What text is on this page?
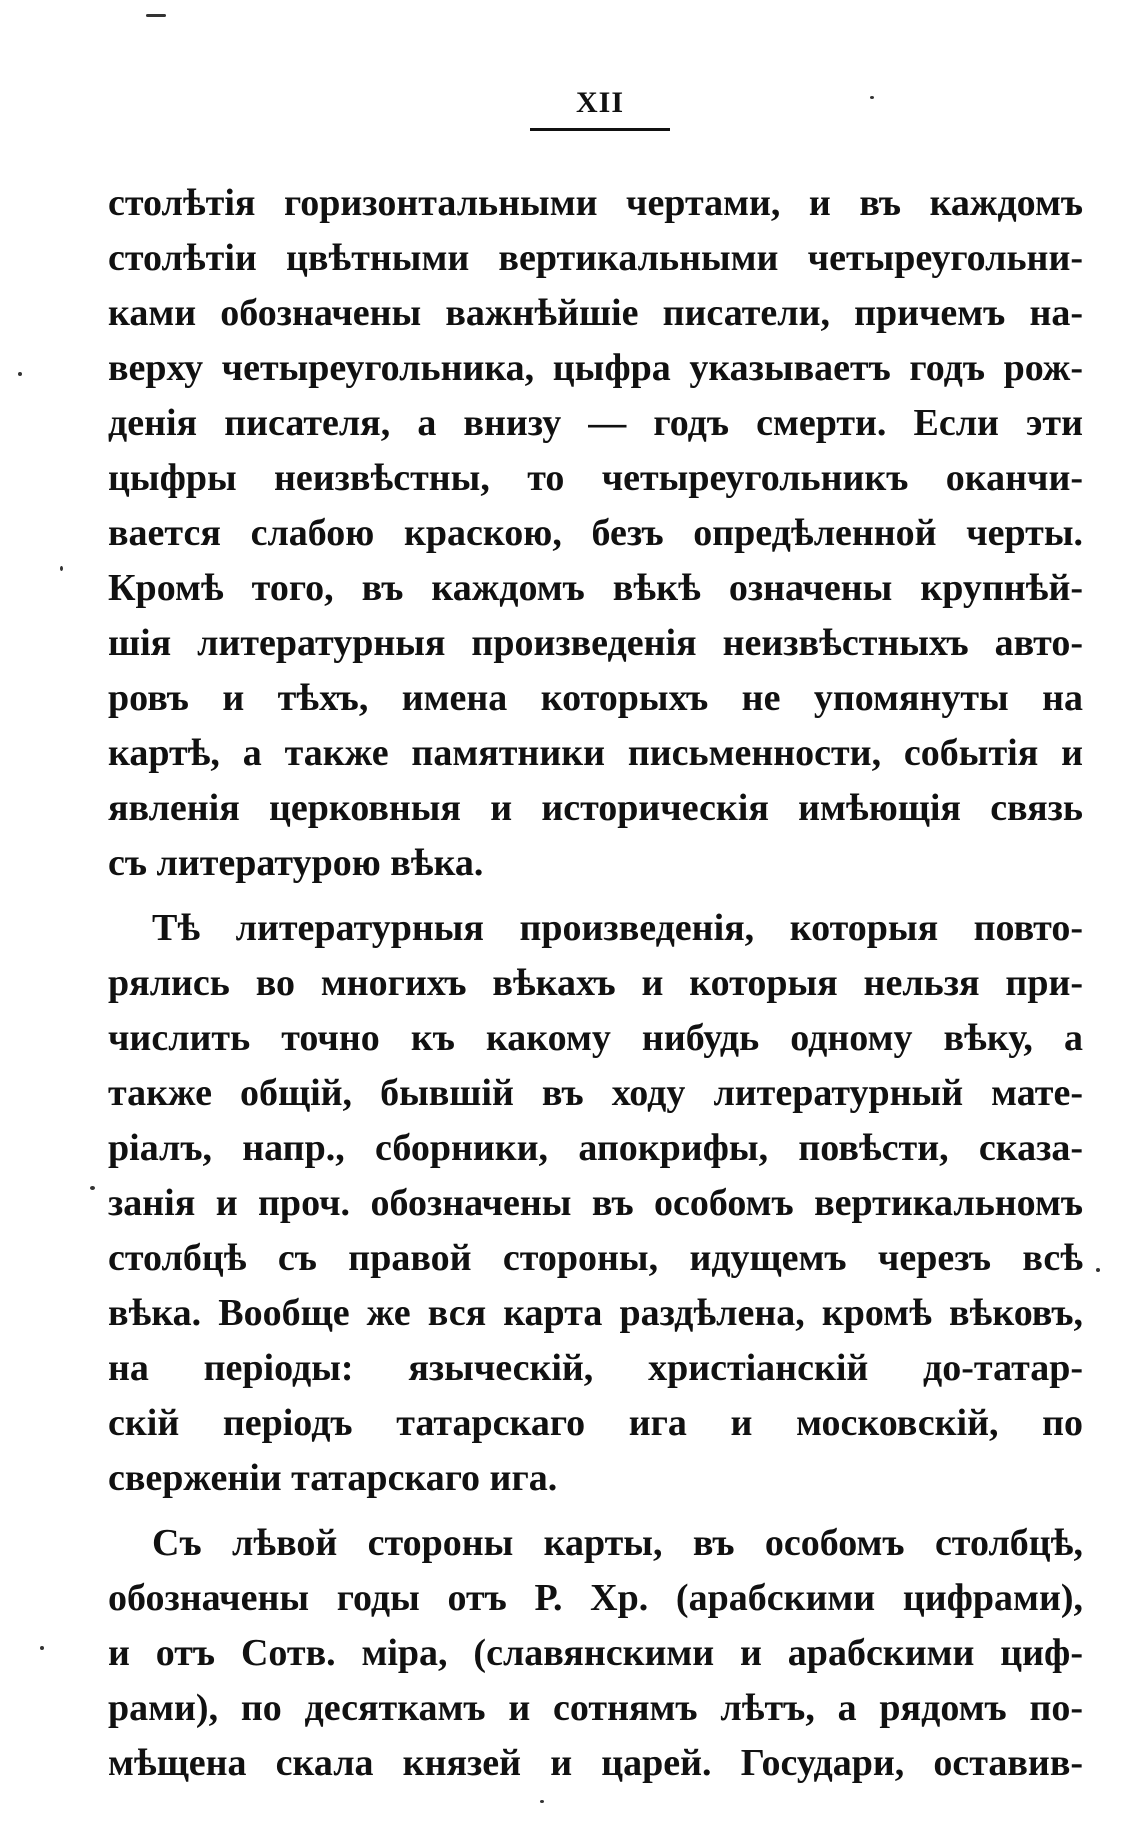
XII
столѣтія горизонтальными чертами, и въ каждомъ
столѣтіи цвѣтными вертикальными четыреугольни-
ками обозначены важнѣйшіе писатели, причемъ на-
верху четыреугольника, цыфра указываетъ годъ рож-
денія писателя, а внизу — годъ смерти. Если эти
цыфры неизвѣстны, то четыреугольникъ оканчи-
вается слабою краскою, безъ опредѣленной черты.
Кромѣ того, въ каждомъ вѣкѣ означены крупнѣй-
шія литературныя произведенія неизвѣстныхъ авто-
ровъ и тѣхъ, имена которыхъ не упомянуты на
картѣ, а также памятники письменности, событія и
явленія церковныя и историческія имѣющія связь
съ литературою вѣка.
Тѣ литературныя произведенія, которыя повто-
рялись во многихъ вѣкахъ и которыя нельзя при-
числить точно къ какому нибудь одному вѣку, а
также общій, бывшій въ ходу литературный мате-
ріалъ, напр., сборники, апокрифы, повѣсти, сказа-
занія и проч. обозначены въ особомъ вертикальномъ
столбцѣ съ правой стороны, идущемъ черезъ всѣ
вѣка. Вообще же вся карта раздѣлена, кромѣ вѣковъ,
на періоды: языческій, христіанскій до-татар-
скій періодъ татарскаго ига и московскій, по
сверженіи татарскаго ига.
Съ лѣвой стороны карты, въ особомъ столбцѣ,
обозначены годы отъ Р. Хр. (арабскими цифрами),
и отъ Сотв. міра, (славянскими и арабскими циф-
рами), по десяткамъ и сотнямъ лѣтъ, а рядомъ по-
мѣщена скала князей и царей. Государи, оставив-
